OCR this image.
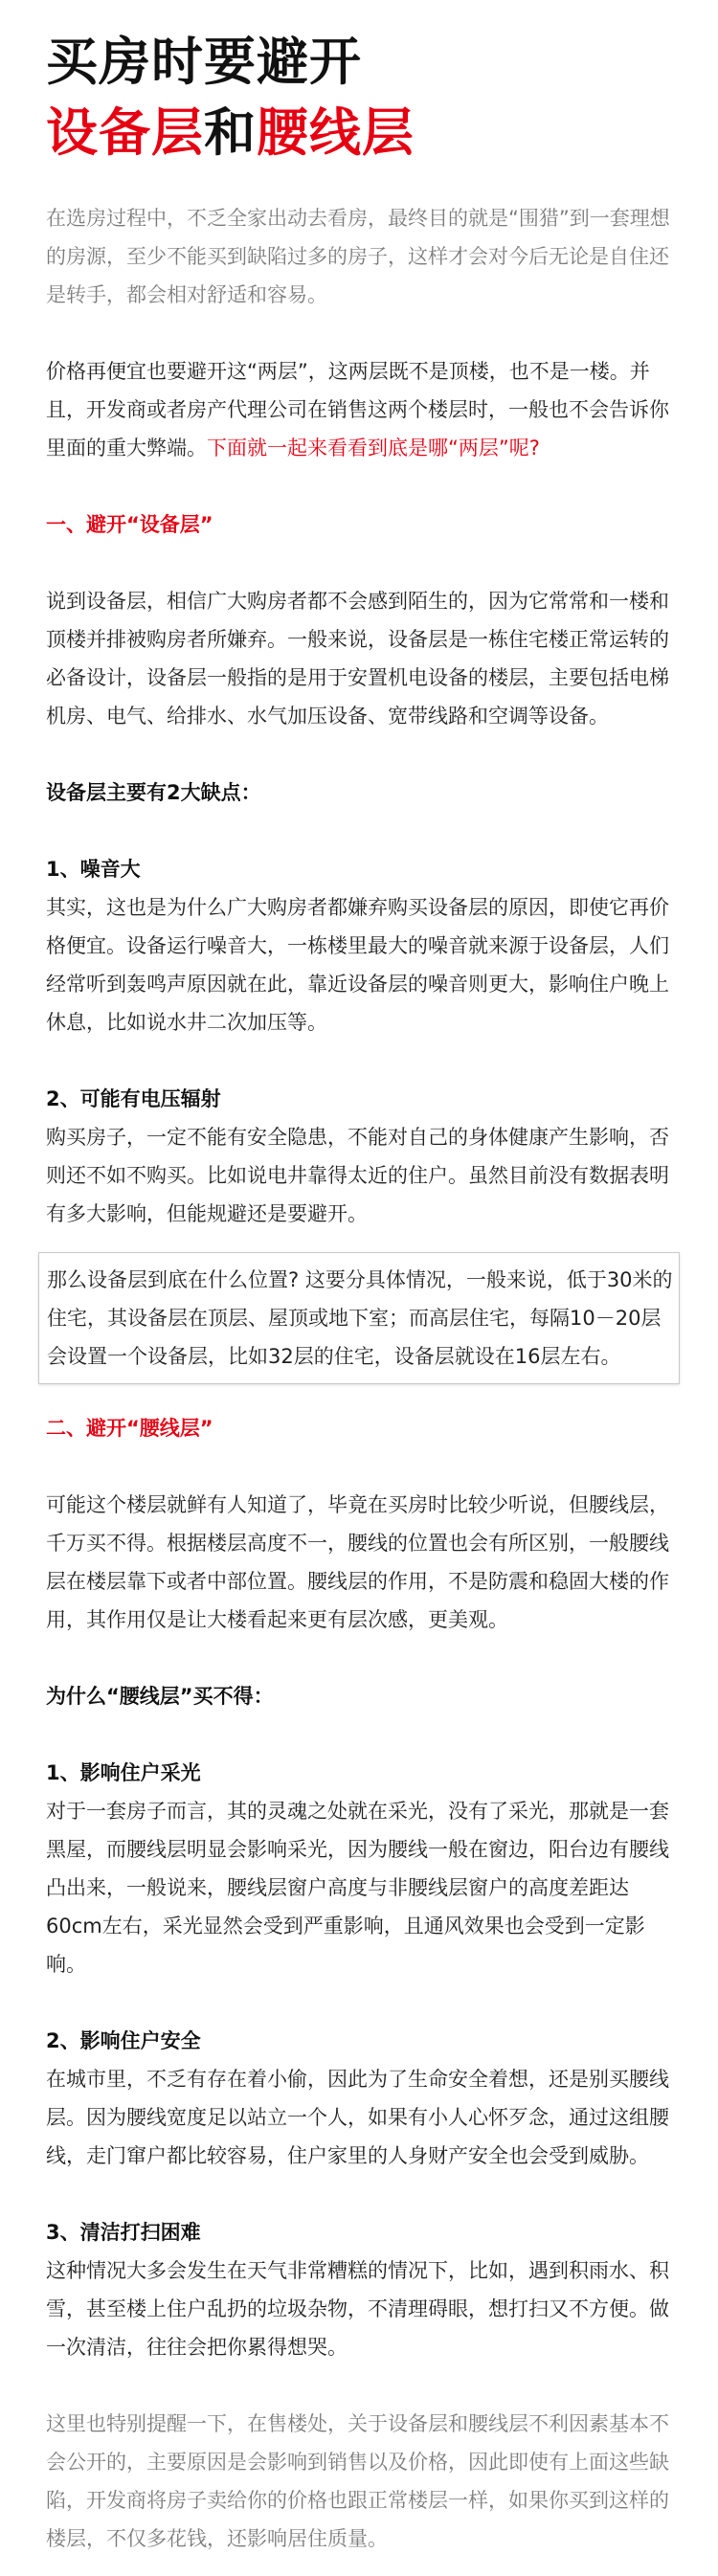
买房时要避开
设备层和腰线层

在选房过程中，不乏全家出动去看房，最终目的就是“围猎”到一套理想的房源，至少不能买到缺陷过多的房子，这样才会对今后无论是自住还是转手，都会相对舒适和容易。

价格再便宜也要避开这“两层”，这两层既不是顶楼，也不是一楼。并且，开发商或者房产代理公司在销售这两个楼层时，一般也不会告诉你里面的重大弊端。下面就一起来看看到底是哪“两层”呢?

一、避开“设备层”

说到设备层，相信广大购房者都不会感到陌生的，因为它常常和一楼和顶楼并排被购房者所嫌弃。一般来说，设备层是一栋住宅楼正常运转的必备设计，设备层一般指的是用于安置机电设备的楼层，主要包括电梯机房、电气、给排水、水气加压设备、宽带线路和空调等设备。

设备层主要有2大缺点：

1、噪音大

其实，这也是为什么广大购房者都嫌弃购买设备层的原因，即使它再价格便宜。设备运行噪音大，一栋楼里最大的噪音就来源于设备层，人们经常听到轰鸣声原因就在此，靠近设备层的噪音则更大，影响住户晚上休息，比如说水井二次加压等。

2、可能有电压辐射

购买房子，一定不能有安全隐患，不能对自己的身体健康产生影响，否则还不如不购买。比如说电井靠得太近的住户。虽然目前没有数据表明有多大影响，但能规避还是要避开。

那么设备层到底在什么位置? 这要分具体情况，一般来说，低于30米的住宅，其设备层在顶层、屋顶或地下室；而高层住宅，每隔10－20层会设置一个设备层，比如32层的住宅，设备层就设在16层左右。

二、避开“腰线层”

可能这个楼层就鲜有人知道了，毕竟在买房时比较少听说，但腰线层，千万买不得。根据楼层高度不一，腰线的位置也会有所区别，一般腰线层在楼层靠下或者中部位置。腰线层的作用，不是防震和稳固大楼的作用，其作用仅是让大楼看起来更有层次感，更美观。

为什么“腰线层”买不得：

1、影响住户采光

对于一套房子而言，其的灵魂之处就在采光，没有了采光，那就是一套黑屋，而腰线层明显会影响采光，因为腰线一般在窗边，阳台边有腰线凸出来，一般说来，腰线层窗户高度与非腰线层窗户的高度差距达60cm左右，采光显然会受到严重影响，且通风效果也会受到一定影响。

2、影响住户安全

在城市里，不乏有存在着小偷，因此为了生命安全着想，还是别买腰线层。因为腰线宽度足以站立一个人，如果有小人心怀歹念，通过这组腰线，走门窜户都比较容易，住户家里的人身财产安全也会受到威胁。

3、清洁打扫困难

这种情况大多会发生在天气非常糟糕的情况下，比如，遇到积雨水、积雪，甚至楼上住户乱扔的垃圾杂物，不清理碍眼，想打扫又不方便。做一次清洁，往往会把你累得想哭。

这里也特别提醒一下，在售楼处，关于设备层和腰线层不利因素基本不会公开的，主要原因是会影响到销售以及价格，因此即使有上面这些缺陷，开发商将房子卖给你的价格也跟正常楼层一样，如果你买到这样的楼层，不仅多花钱，还影响居住质量。
